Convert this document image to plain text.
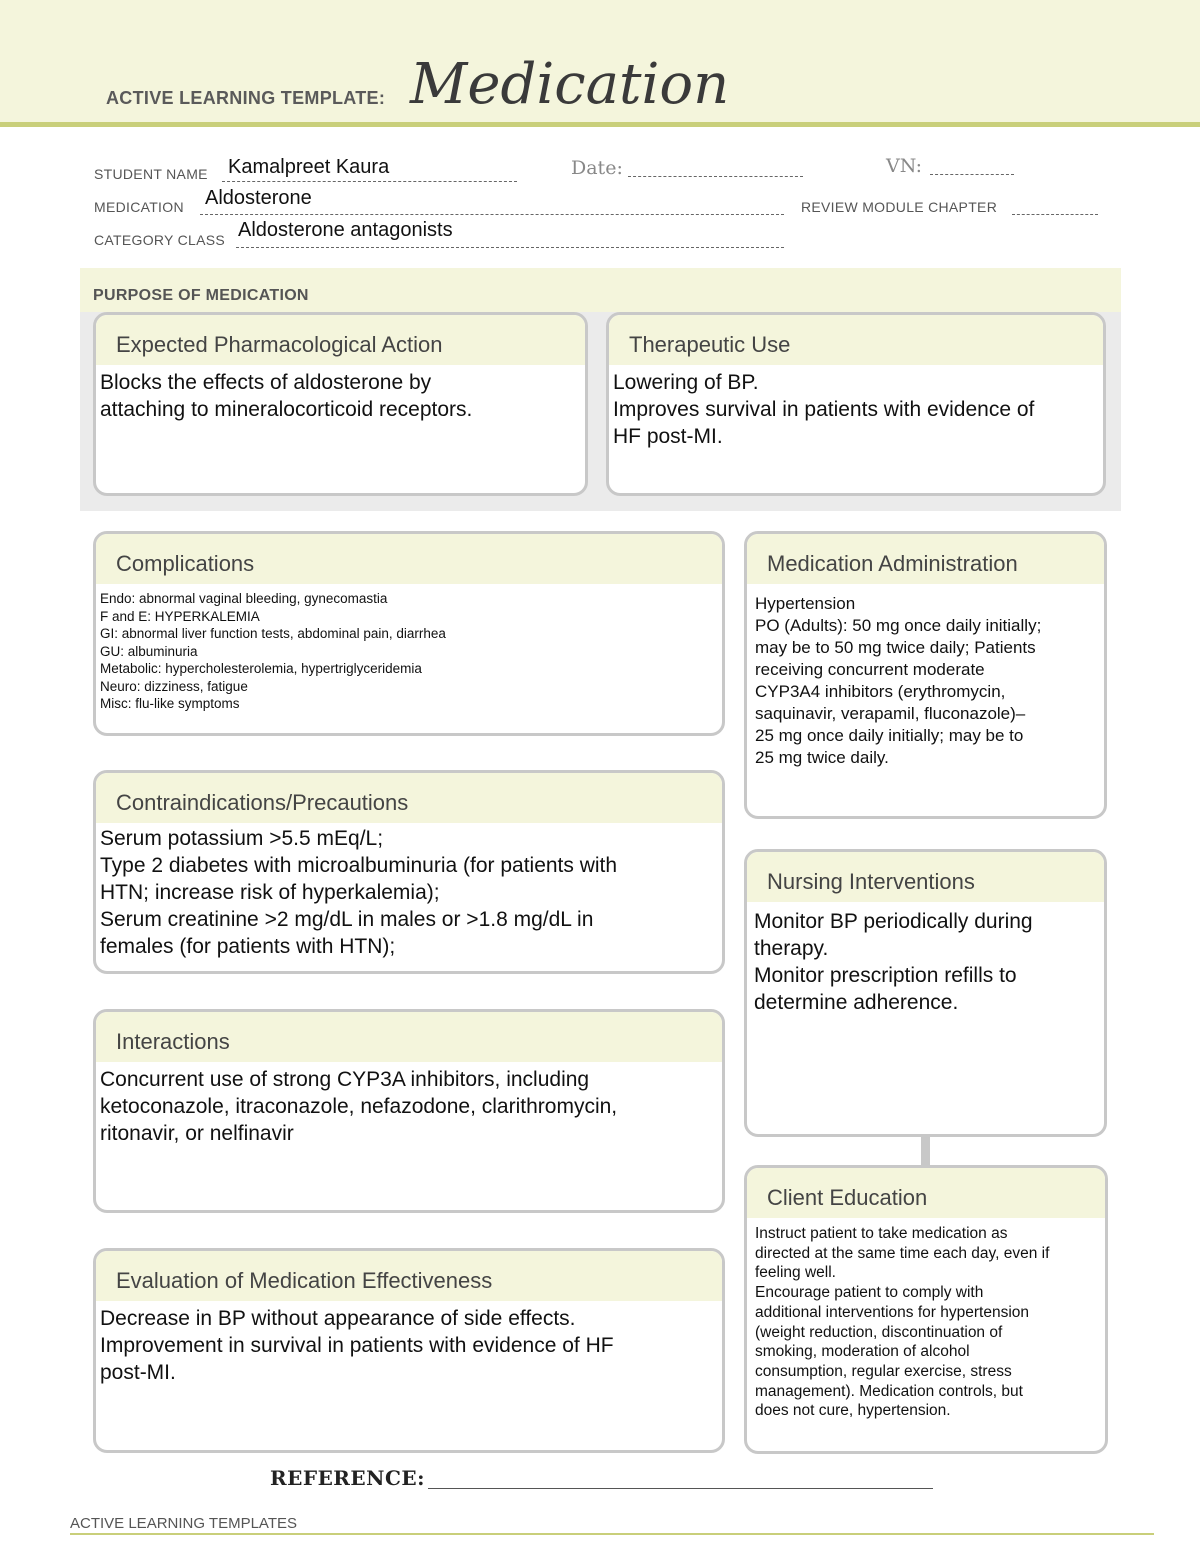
ACTIVE LEARNING TEMPLATE: Medication
STUDENT NAME Kamalpreet Kaura	Date:	VN:
MEDICATION Aldosterone	REVIEW MODULE CHAPTER
CATEGORY CLASS Aldosterone antagonists
PURPOSE OF MEDICATION
Expected Pharmacological Action
Blocks the effects of aldosterone by
attaching to mineralocorticoid receptors.
Therapeutic Use
Lowering of BP.
Improves survival in patients with evidence of
HF post-MI.
Complications
Endo: abnormal vaginal bleeding, gynecomastia
F and E: HYPERKALEMIA
GI: abnormal liver function tests, abdominal pain, diarrhea
GU: albuminuria
Metabolic: hypercholesterolemia, hypertriglyceridemia
Neuro: dizziness, fatigue
Misc: flu-like symptoms
Contraindications/Precautions
Serum potassium >5.5 mEq/L;
Type 2 diabetes with microalbuminuria (for patients with
HTN; increase risk of hyperkalemia);
Serum creatinine >2 mg/dL in males or >1.8 mg/dL in
females (for patients with HTN);
Interactions
Concurrent use of strong CYP3A inhibitors, including
ketoconazole, itraconazole, nefazodone, clarithromycin,
ritonavir, or nelfinavir
Evaluation of Medication Effectiveness
Decrease in BP without appearance of side effects.
Improvement in survival in patients with evidence of HF
post-MI.
Medication Administration
Hypertension
PO (Adults): 50 mg once daily initially;
may be to 50 mg twice daily; Patients
receiving concurrent moderate
CYP3A4 inhibitors (erythromycin,
saquinavir, verapamil, fluconazole)–
25 mg once daily initially; may be to
25 mg twice daily.
Nursing Interventions
Monitor BP periodically during
therapy.
Monitor prescription refills to
determine adherence.
Client Education
Instruct patient to take medication as
directed at the same time each day, even if
feeling well.
Encourage patient to comply with
additional interventions for hypertension
(weight reduction, discontinuation of
smoking, moderation of alcohol
consumption, regular exercise, stress
management). Medication controls, but
does not cure, hypertension.
REFERENCE:
ACTIVE LEARNING TEMPLATES
